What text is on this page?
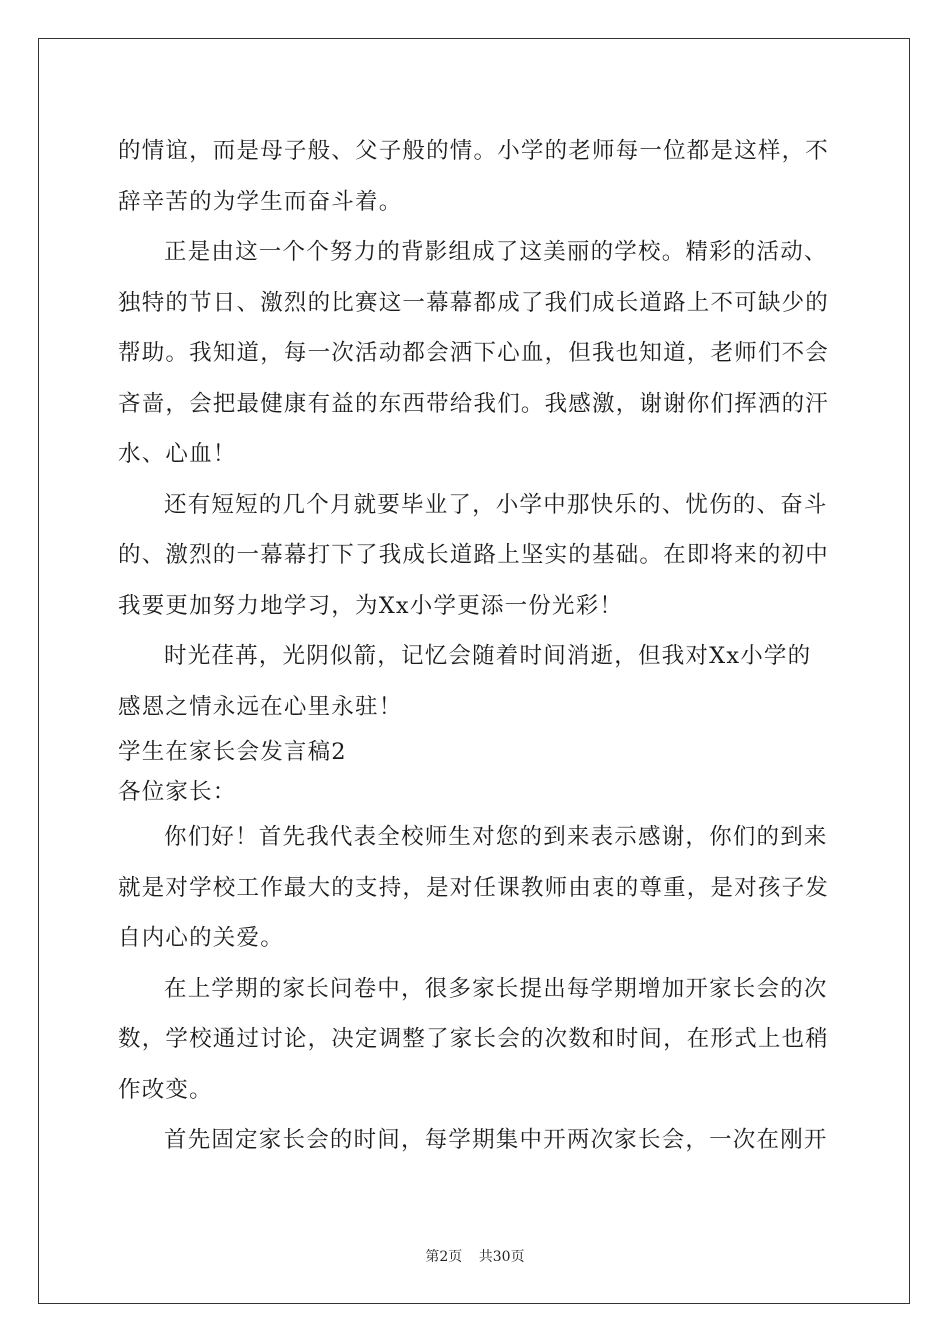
的情谊，而是母子般、父子般的情。小学的老师每一位都是这样，不
辞辛苦的为学生而奋斗着。
正是由这一个个努力的背影组成了这美丽的学校。精彩的活动、
独特的节日、激烈的比赛这一幕幕都成了我们成长道路上不可缺少的
帮助。我知道，每一次活动都会洒下心血，但我也知道，老师们不会
吝啬，会把最健康有益的东西带给我们。我感激，谢谢你们挥洒的汗
水、心血！
还有短短的几个月就要毕业了，小学中那快乐的、忧伤的、奋斗
的、激烈的一幕幕打下了我成长道路上坚实的基础。在即将来的初中
我要更加努力地学习，为Xx小学更添一份光彩！
时光荏苒，光阴似箭，记忆会随着时间消逝，但我对Xx小学的
感恩之情永远在心里永驻！
学生在家长会发言稿2
各位家长：
你们好！首先我代表全校师生对您的到来表示感谢，你们的到来
就是对学校工作最大的支持，是对任课教师由衷的尊重，是对孩子发
自内心的关爱。
在上学期的家长问卷中，很多家长提出每学期增加开家长会的次
数，学校通过讨论，决定调整了家长会的次数和时间，在形式上也稍
作改变。
首先固定家长会的时间，每学期集中开两次家长会，一次在刚开
第2页 共30页
